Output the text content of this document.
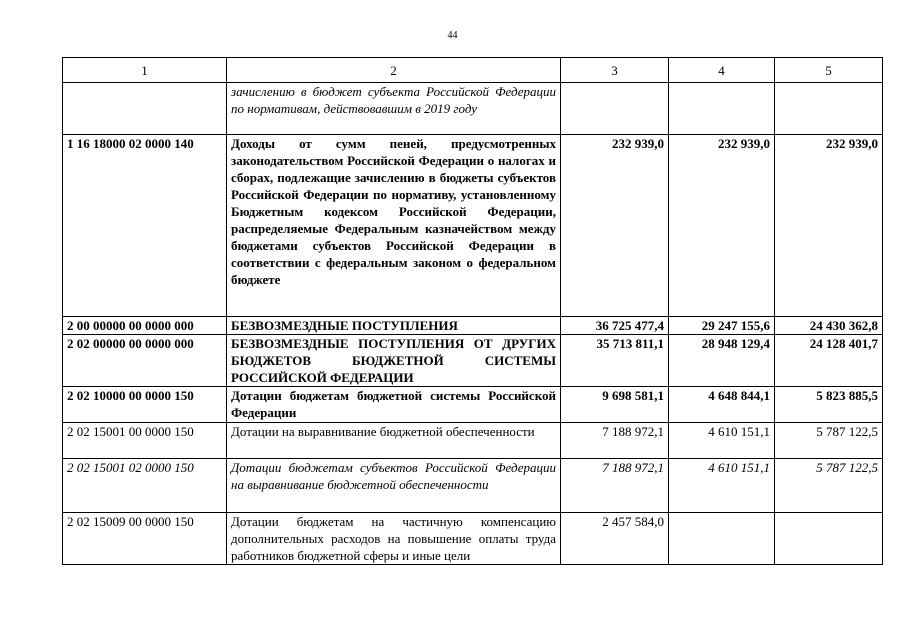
44
1	2	3	4	5
	зачислению в бюджет субъекта Российской Федерации по нормативам, действовавшим в 2019 году			
1 16 18000 02 0000 140	Доходы от сумм пеней, предусмотренных законодательством Российской Федерации о налогах и сборах, подлежащие зачислению в бюджеты субъектов Российской Федерации по нормативу, установленному Бюджетным кодексом Российской Федерации, распределяемые Федеральным казначейством между бюджетами субъектов Российской Федерации в соответствии с федеральным законом о федеральном бюджете	232 939,0	232 939,0	232 939,0
2 00 00000 00 0000 000	БЕЗВОЗМЕЗДНЫЕ ПОСТУПЛЕНИЯ	36 725 477,4	29 247 155,6	24 430 362,8
2 02 00000 00 0000 000	БЕЗВОЗМЕЗДНЫЕ ПОСТУПЛЕНИЯ ОТ ДРУГИХ БЮДЖЕТОВ БЮДЖЕТНОЙ СИСТЕМЫ РОССИЙСКОЙ ФЕДЕРАЦИИ	35 713 811,1	28 948 129,4	24 128 401,7
2 02 10000 00 0000 150	Дотации бюджетам бюджетной системы Российской Федерации	9 698 581,1	4 648 844,1	5 823 885,5
2 02 15001 00 0000 150	Дотации на выравнивание бюджетной обеспеченности	7 188 972,1	4 610 151,1	5 787 122,5
2 02 15001 02 0000 150	Дотации бюджетам субъектов Российской Федерации на выравнивание бюджетной обеспеченности	7 188 972,1	4 610 151,1	5 787 122,5
2 02 15009 00 0000 150	Дотации бюджетам на частичную компенсацию дополнительных расходов на повышение оплаты труда работников бюджетной сферы и иные цели	2 457 584,0		
